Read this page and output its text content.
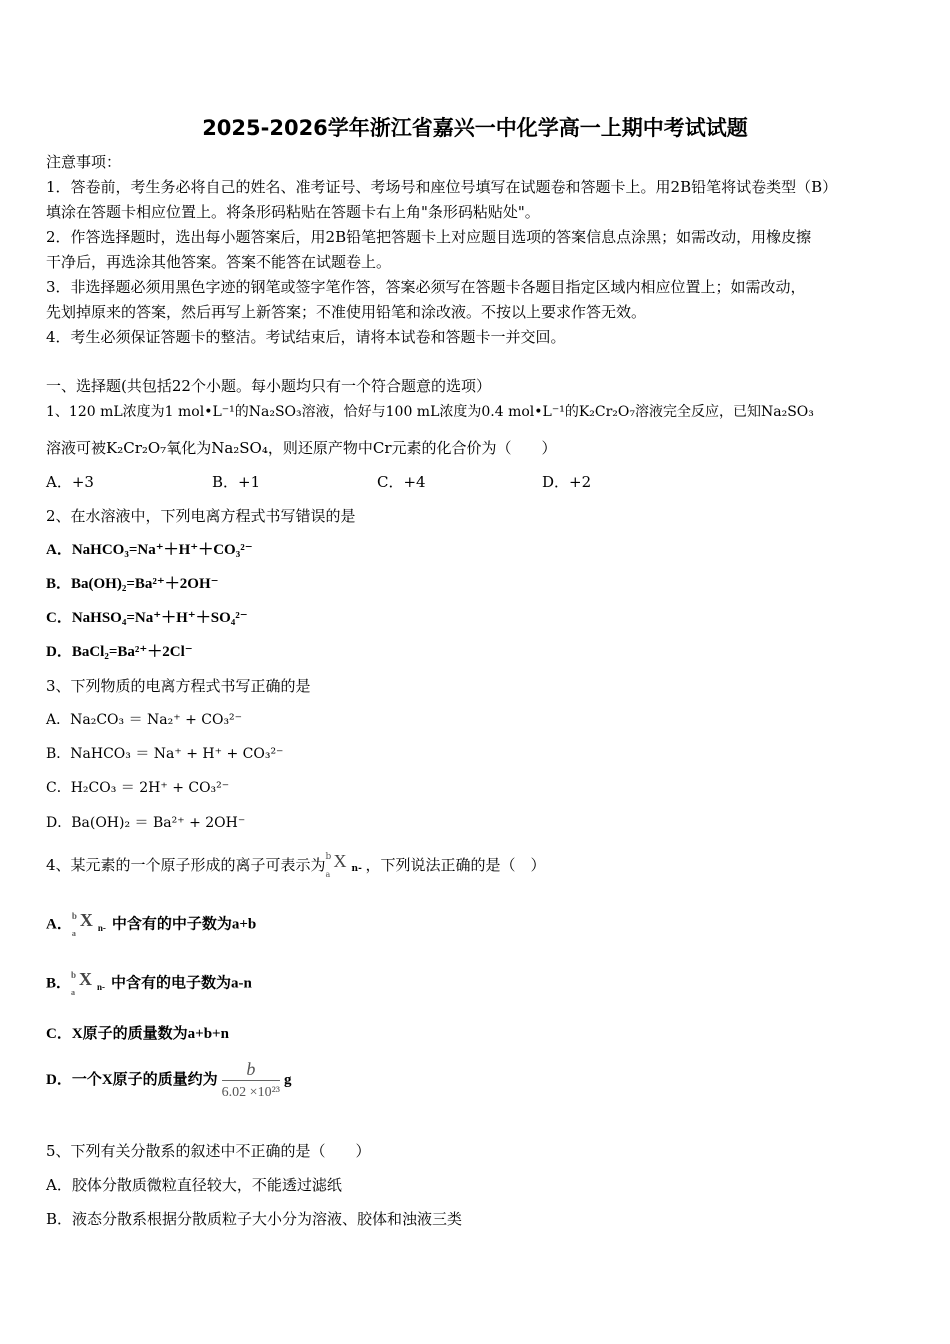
2025-2026学年浙江省嘉兴一中化学高一上期中考试试题
注意事项：
1．答卷前，考生务必将自己的姓名、准考证号、考场号和座位号填写在试题卷和答题卡上。用2B铅笔将试卷类型（B）
填涂在答题卡相应位置上。将条形码粘贴在答题卡右上角"条形码粘贴处"。
2．作答选择题时，选出每小题答案后，用2B铅笔把答题卡上对应题目选项的答案信息点涂黑；如需改动，用橡皮擦
干净后，再选涂其他答案。答案不能答在试题卷上。
3．非选择题必须用黑色字迹的钢笔或签字笔作答，答案必须写在答题卡各题目指定区域内相应位置上；如需改动，
先划掉原来的答案，然后再写上新答案；不准使用铅笔和涂改液。不按以上要求作答无效。
4．考生必须保证答题卡的整洁。考试结束后，请将本试卷和答题卡一并交回。
一、选择题(共包括22个小题。每小题均只有一个符合题意的选项）
1、120 mL浓度为1 mol•L⁻¹的Na₂SO₃溶液，恰好与100 mL浓度为0.4 mol•L⁻¹的K₂Cr₂O₇溶液完全反应，已知Na₂SO₃
溶液可被K₂Cr₂O₇氧化为Na₂SO₄，则还原产物中Cr元素的化合价为（　　）
A．+3	B．+1	C．+4	D．+2
2、在水溶液中，下列电离方程式书写错误的是
A．NaHCO₃=Na⁺＋H⁺＋CO₃²⁻
B．Ba(OH)₂=Ba²⁺＋2OH⁻
C．NaHSO₄=Na⁺＋H⁺＋SO₄²⁻
D．BaCl₂=Ba²⁺＋2Cl⁻
3、下列物质的电离方程式书写正确的是
A．Na₂CO₃ ＝ Na₂⁺ + CO₃²⁻
B．NaHCO₃ ＝ Na⁺ + H⁺ + CO₃²⁻
C．H₂CO₃ ＝ 2H⁺ + CO₃²⁻
D．Ba(OH)₂ ＝ Ba²⁺ + 2OH⁻
4、某元素的一个原子形成的离子可表示为 b
a
X n- ，下列说法正确的是（　）
A．
b
a
X n- 中含有的中子数为a+b
B．
b
a
X n- 中含有的电子数为a-n
C．X原子的质量数为a+b+n
D．一个X原子的质量约为 $\frac{b}{\text{6.02 ×10²³}}$ g
5、下列有关分散系的叙述中不正确的是（　　）
A．胶体分散质微粒直径较大，不能透过滤纸
B．液态分散系根据分散质粒子大小分为溶液、胶体和浊液三类
